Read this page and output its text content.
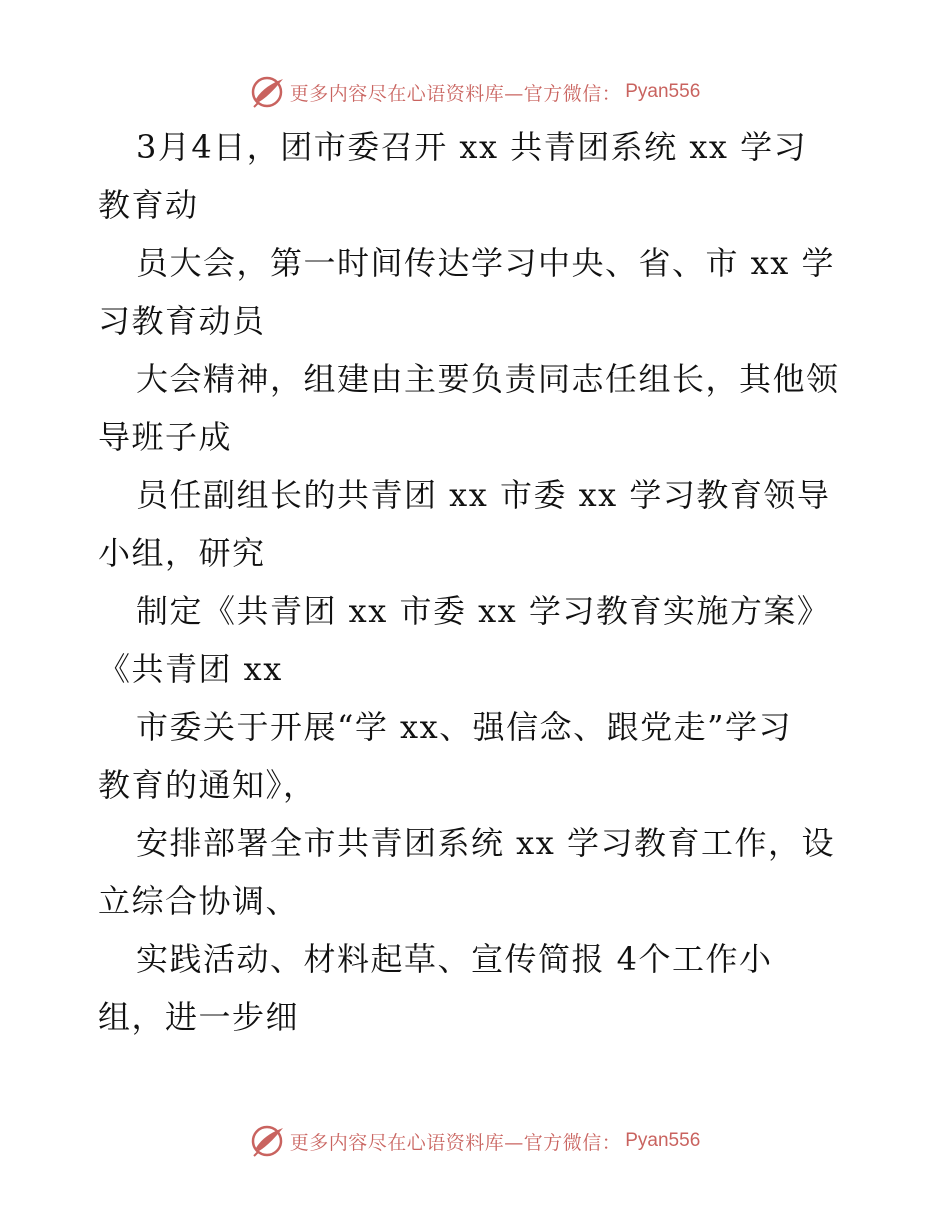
更多内容尽在心语资料库—官方微信： Pyan556

3月4日，团市委召开 xx 共青团系统 xx 学习
教育动

员大会，第一时间传达学习中央、省、市 xx 学
习教育动员

大会精神，组建由主要负责同志任组长，其他领
导班子成

员任副组长的共青团 xx 市委 xx 学习教育领导
小组，研究

制定《共青团 xx 市委 xx 学习教育实施方案》
《共青团 xx

市委关于开展“学 xx、强信念、跟党走”学习
教育的通知》，

安排部署全市共青团系统 xx 学习教育工作，设
立综合协调、

实践活动、材料起草、宣传简报 4个工作小
组，进一步细

更多内容尽在心语资料库—官方微信： Pyan556
